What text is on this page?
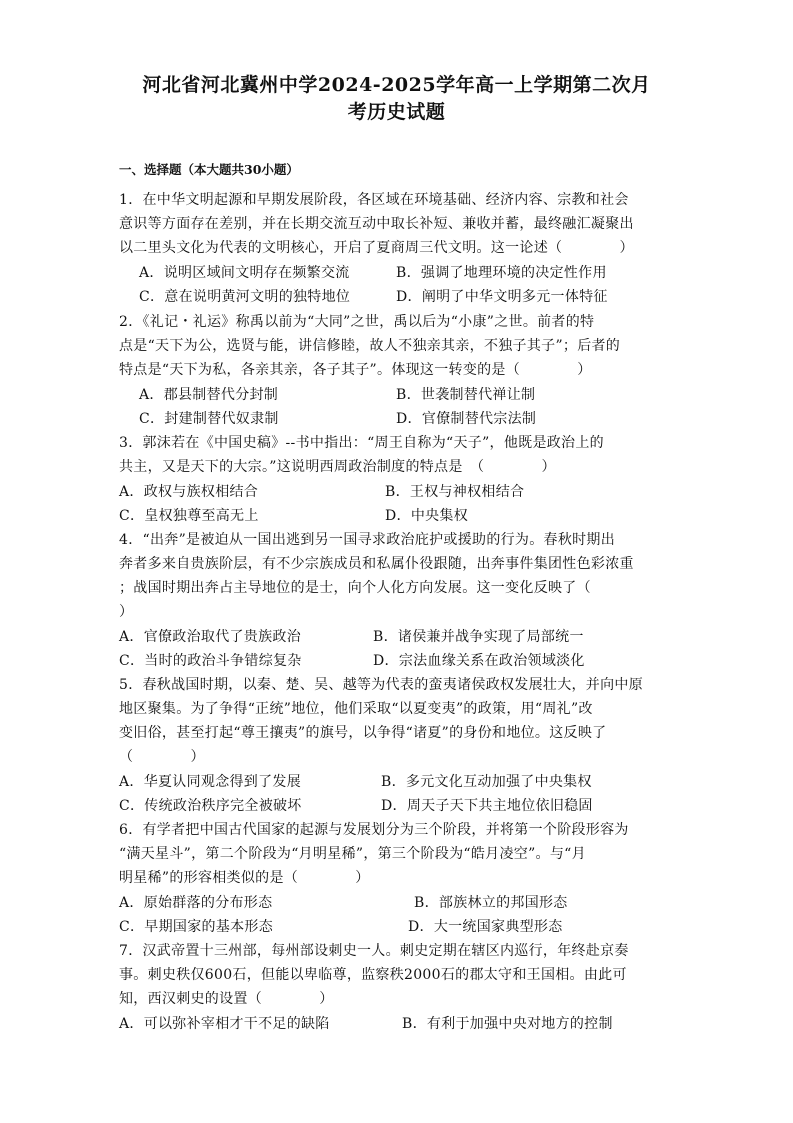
河北省河北冀州中学2024-2025学年高一上学期第二次月
考历史试题
一、选择题（本大题共30小题）
1．在中华文明起源和早期发展阶段，各区域在环境基础、经济内容、宗教和社会
意识等方面存在差别，并在长期交流互动中取长补短、兼收并蓄，最终融汇凝聚出
以二里头文化为代表的文明核心，开启了夏商周三代文明。这一论述（　　　　）
A．说明区域间文明存在频繁交流	B．强调了地理环境的决定性作用
C．意在说明黄河文明的独特地位	D．阐明了中华文明多元一体特征
2．《礼记・礼运》称禹以前为“大同”之世，禹以后为“小康”之世。前者的特
点是“天下为公，选贤与能，讲信修睦，故人不独亲其亲，不独子其子”；后者的
特点是“天下为私，各亲其亲，各子其子”。体现这一转变的是（　　　　）
A．郡县制替代分封制	B．世袭制替代禅让制
C．封建制替代奴隶制	D．官僚制替代宗法制
3．郭沫若在《中国史稿》--书中指出：“周王自称为“天子”，他既是政治上的
共主，又是天下的大宗。”这说明西周政治制度的特点是　（　　　　）
A．政权与族权相结合	B．王权与神权相结合
C．皇权独尊至高无上	D．中央集权
4．“出奔”是被迫从一国出逃到另一国寻求政治庇护或援助的行为。春秋时期出
奔者多来自贵族阶层，有不少宗族成员和私属仆役跟随，出奔事件集团性色彩浓重
；战国时期出奔占主导地位的是士，向个人化方向发展。这一变化反映了（
）
A．官僚政治取代了贵族政治	B．诸侯兼并战争实现了局部统一
C．当时的政治斗争错综复杂	D．宗法血缘关系在政治领域淡化
5．春秋战国时期，以秦、楚、吴、越等为代表的蛮夷诸侯政权发展壮大，并向中原
地区聚集。为了争得“正统”地位，他们采取“以夏变夷”的政策，用“周礼”改
变旧俗，甚至打起“尊王攘夷”的旗号，以争得“诸夏”的身份和地位。这反映了
（　　　　）
A．华夏认同观念得到了发展	B．多元文化互动加强了中央集权
C．传统政治秩序完全被破坏	D．周天子天下共主地位依旧稳固
6．有学者把中国古代国家的起源与发展划分为三个阶段，并将第一个阶段形容为
“满天星斗”，第二个阶段为“月明星稀”，第三个阶段为“皓月凌空”。与“月
明星稀”的形容相类似的是（　　　　）
A．原始群落的分布形态	B．部族林立的邦国形态
C．早期国家的基本形态	D．大一统国家典型形态
7．汉武帝置十三州部，每州部设刺史一人。刺史定期在辖区内巡行，年终赴京奏
事。刺史秩仅600石，但能以卑临尊，监察秩2000石的郡太守和王国相。由此可
知，西汉刺史的设置（　　　　）
A．可以弥补宰相才干不足的缺陷	B．有利于加强中央对地方的控制
